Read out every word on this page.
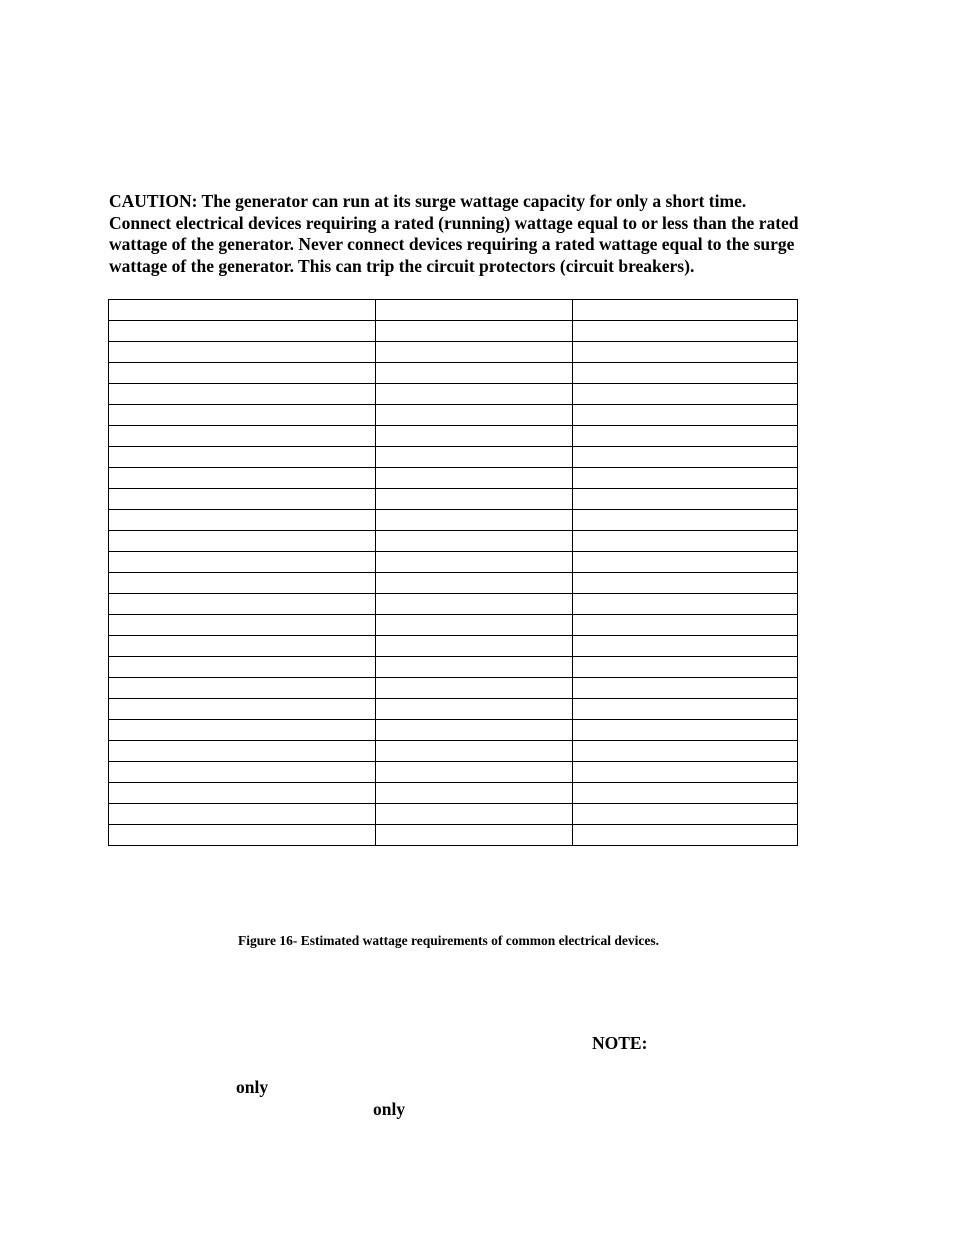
CAUTION: The generator can run at its surge wattage capacity for only a short time.
Connect electrical devices requiring a rated (running) wattage equal to or less than the rated
wattage of the generator. Never connect devices requiring a rated wattage equal to the surge
wattage of the generator. This can trip the circuit protectors (circuit breakers).

Figure 16- Estimated wattage requirements of common electrical devices.
NOTE:
only
only
